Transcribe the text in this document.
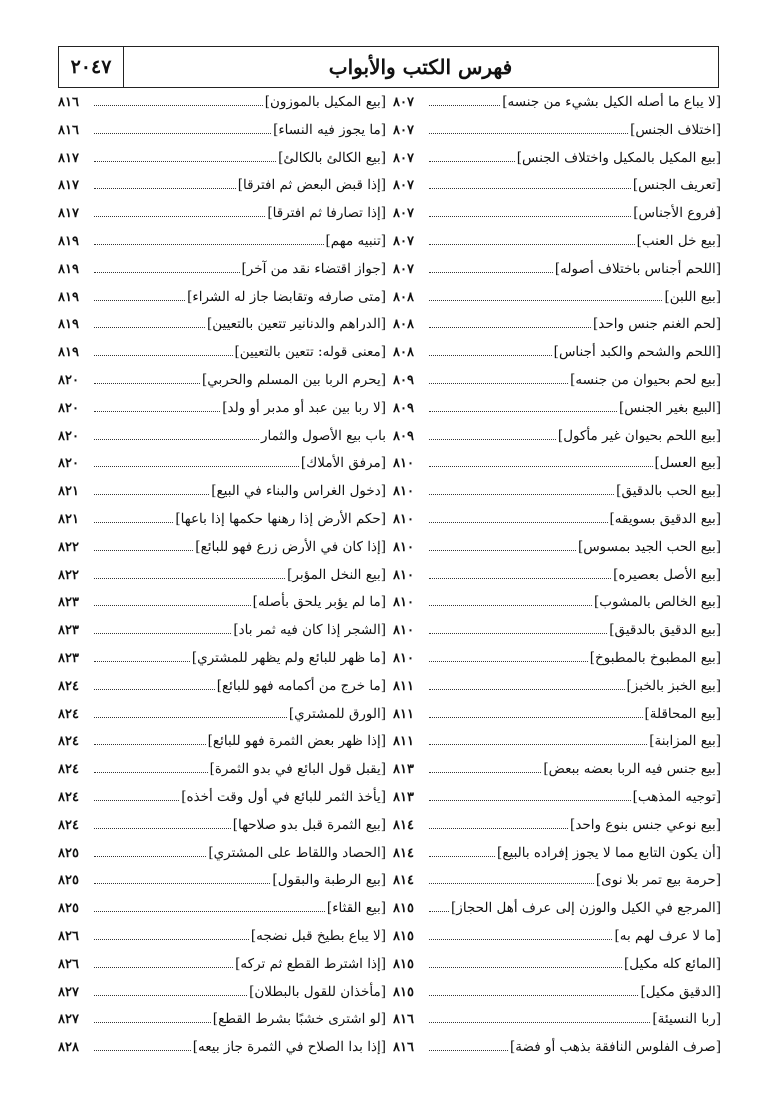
٢٠٤٧	فهرس الكتب والأبواب
[لا يباع ما أصله الكيل بشيء من جنسه]
٨٠٧
[اختلاف الجنس]
٨٠٧
[بيع المكيل بالمكيل واختلاف الجنس]
٨٠٧
[تعريف الجنس]
٨٠٧
[فروع الأجناس]
٨٠٧
[بيع خل العنب]
٨٠٧
[اللحم أجناس باختلاف أصوله]
٨٠٧
[بيع اللبن]
٨٠٨
[لحم الغنم جنس واحد]
٨٠٨
[اللحم والشحم والكبد أجناس]
٨٠٨
[بيع لحم بحيوان من جنسه]
٨٠٩
[البيع بغير الجنس]
٨٠٩
[بيع اللحم بحيوان غير مأكول]
٨٠٩
[بيع العسل]
٨١٠
[بيع الحب بالدقيق]
٨١٠
[بيع الدقيق بسويقه]
٨١٠
[بيع الحب الجيد بمسوس]
٨١٠
[بيع الأصل بعصيره]
٨١٠
[بيع الخالص بالمشوب]
٨١٠
[بيع الدقيق بالدقيق]
٨١٠
[بيع المطبوخ بالمطبوخ]
٨١٠
[بيع الخبز بالخبز]
٨١١
[بيع المحاقلة]
٨١١
[بيع المزابنة]
٨١١
[بيع جنس فيه الربا بعضه ببعض]
٨١٣
[توجيه المذهب]
٨١٣
[بيع نوعي جنس بنوع واحد]
٨١٤
[أن يكون التابع مما لا يجوز إفراده بالبيع]
٨١٤
[حرمة بيع تمر بلا نوى]
٨١٤
[المرجع في الكيل والوزن إلى عرف أهل الحجاز]
٨١٥
[ما لا عرف لهم به]
٨١٥
[المائع كله مكيل]
٨١٥
[الدقيق مكيل]
٨١٥
[ربا النسيئة]
٨١٦
[صرف الفلوس النافقة بذهب أو فضة]
٨١٦
[بيع المكيل بالموزون]
٨١٦
[ما يجوز فيه النساء]
٨١٦
[بيع الكالئ بالكالئ]
٨١٧
[إذا قبض البعض ثم افترقا]
٨١٧
[إذا تصارفا ثم افترقا]
٨١٧
[تنبيه مهم]
٨١٩
[جواز اقتضاء نقد من آخر]
٨١٩
[متى صارفه وتقابضا جاز له الشراء]
٨١٩
[الدراهم والدنانير تتعين بالتعيين]
٨١٩
[معنى قوله: تتعين بالتعيين]
٨١٩
[يحرم الربا بين المسلم والحربي]
٨٢٠
[لا ربا بين عبد أو مدبر أو ولد]
٨٢٠
باب بيع الأصول والثمار
٨٢٠
[مرفق الأملاك]
٨٢٠
[دخول الغراس والبناء في البيع]
٨٢١
[حكم الأرض إذا رهنها حكمها إذا باعها]
٨٢١
[إذا كان في الأرض زرع فهو للبائع]
٨٢٢
[بيع النخل المؤبر]
٨٢٢
[ما لم يؤبر يلحق بأصله]
٨٢٣
[الشجر إذا كان فيه ثمر باد]
٨٢٣
[ما ظهر للبائع ولم يظهر للمشتري]
٨٢٣
[ما خرج من أكمامه فهو للبائع]
٨٢٤
[الورق للمشتري]
٨٢٤
[إذا ظهر بعض الثمرة فهو للبائع]
٨٢٤
[يقبل قول البائع في بدو الثمرة]
٨٢٤
[يأخذ الثمر للبائع في أول وقت أخذه]
٨٢٤
[بيع الثمرة قبل بدو صلاحها]
٨٢٤
[الحصاد واللقاط على المشتري]
٨٢٥
[بيع الرطبة والبقول]
٨٢٥
[بيع القثاء]
٨٢٥
[لا يباع بطيخ قبل نضجه]
٨٢٦
[إذا اشترط القطع ثم تركه]
٨٢٦
[مأخذان للقول بالبطلان]
٨٢٧
[لو اشترى خشبًا بشرط القطع]
٨٢٧
[إذا بدا الصلاح في الثمرة جاز بيعه]
٨٢٨
